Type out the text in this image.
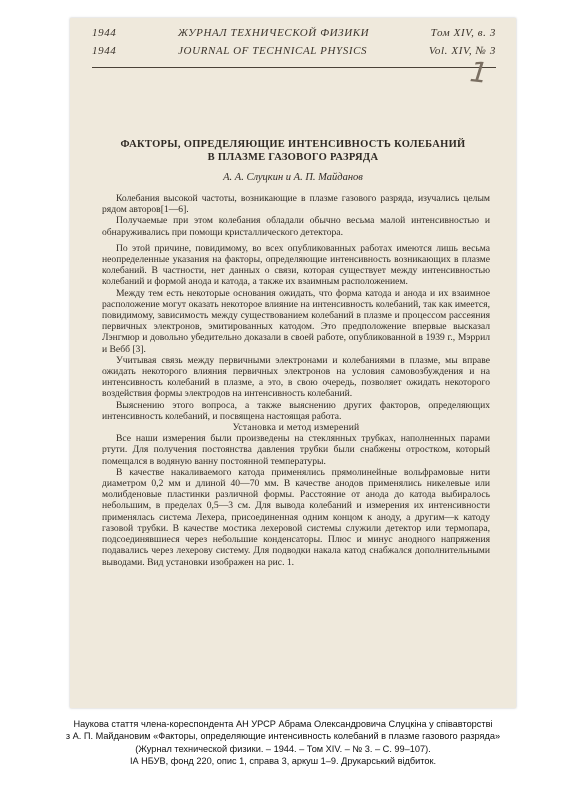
1944	ЖУРНАЛ ТЕХНИЧЕСКОЙ ФИЗИКИ	Том XIV, в. 3
1944	JOURNAL OF TECHNICAL PHYSICS	Vol. XIV, № 3
1
ФАКТОРЫ, ОПРЕДЕЛЯЮЩИЕ ИНТЕНСИВНОСТЬ КОЛЕБАНИЙ
В ПЛАЗМЕ ГАЗОВОГО РАЗРЯДА
А. А. Слуцкин и А. П. Майданов

Колебания высокой частоты, возникающие в плазме газового разряда, изучались целым рядом авторов[1—6].

Получаемые при этом колебания обладали обычно весьма малой интенсивностью и обнаруживались при помощи кристаллического детектора.

По этой причине, повидимому, во всех опубликованных работах имеются лишь весьма неопределенные указания на факторы, определяющие интенсивность возникающих в плазме колебаний. В частности, нет данных о связи, которая существует между интенсивностью колебаний и формой анода и катода, а также их взаимным расположением.

Между тем есть некоторые основания ожидать, что форма катода и анода и их взаимное расположение могут оказать некоторое влияние на интенсивность колебаний, так как имеется, повидимому, зависимость между существованием колебаний в плазме и процессом рассеяния первичных электронов, эмитированных катодом. Это предположение впервые высказал Лэнгмюр и довольно убедительно доказали в своей работе, опубликованной в 1939 г., Мэррил и Вебб [3].

Учитывая связь между первичными электронами и колебаниями в плазме, мы вправе ожидать некоторого влияния первичных электронов на условия самовозбуждения и на интенсивность колебаний в плазме, а это, в свою очередь, позволяет ожидать некоторого воздействия формы электродов на интенсивность колебаний.

Выяснению этого вопроса, а также выяснению других факторов, определяющих интенсивность колебаний, и посвящена настоящая работа.

Установка и метод измерений

Все наши измерения были произведены на стеклянных трубках, наполненных парами ртути. Для получения постоянства давления трубки были снабжены отростком, который помещался в водяную ванну постоянной температуры.

В качестве накаливаемого катода применялись прямолинейные вольфрамовые нити диаметром 0,2 мм и длиной 40—70 мм. В качестве анодов применялись никелевые или молибденовые пластинки различной формы. Расстояние от анода до катода выбиралось небольшим, в пределах 0,5—3 см. Для вывода колебаний и измерения их интенсивности применялась система Лехера, присоединенная одним концом к аноду, а другим—к катоду газовой трубки. В качестве мостика лехеровой системы служили детектор или термопара, подсоединявшиеся через небольшие конденсаторы. Плюс и минус анодного напряжения подавались через лехерову систему. Для подводки накала катод снабжался дополнительными выводами. Вид установки изображен на рис. 1.

Наукова стаття члена-кореспондента АН УРСР Абрама Олександровича Слуцкіна у співавторстві
з А. П. Майдановим «Факторы, определяющие интенсивность колебаний в плазме газового разряда»
(Журнал технической физики. – 1944. – Том XIV. – № 3. – С. 99–107).
ІА НБУВ, фонд 220, опис 1, справа 3, аркуш 1–9. Друкарський відбиток.
